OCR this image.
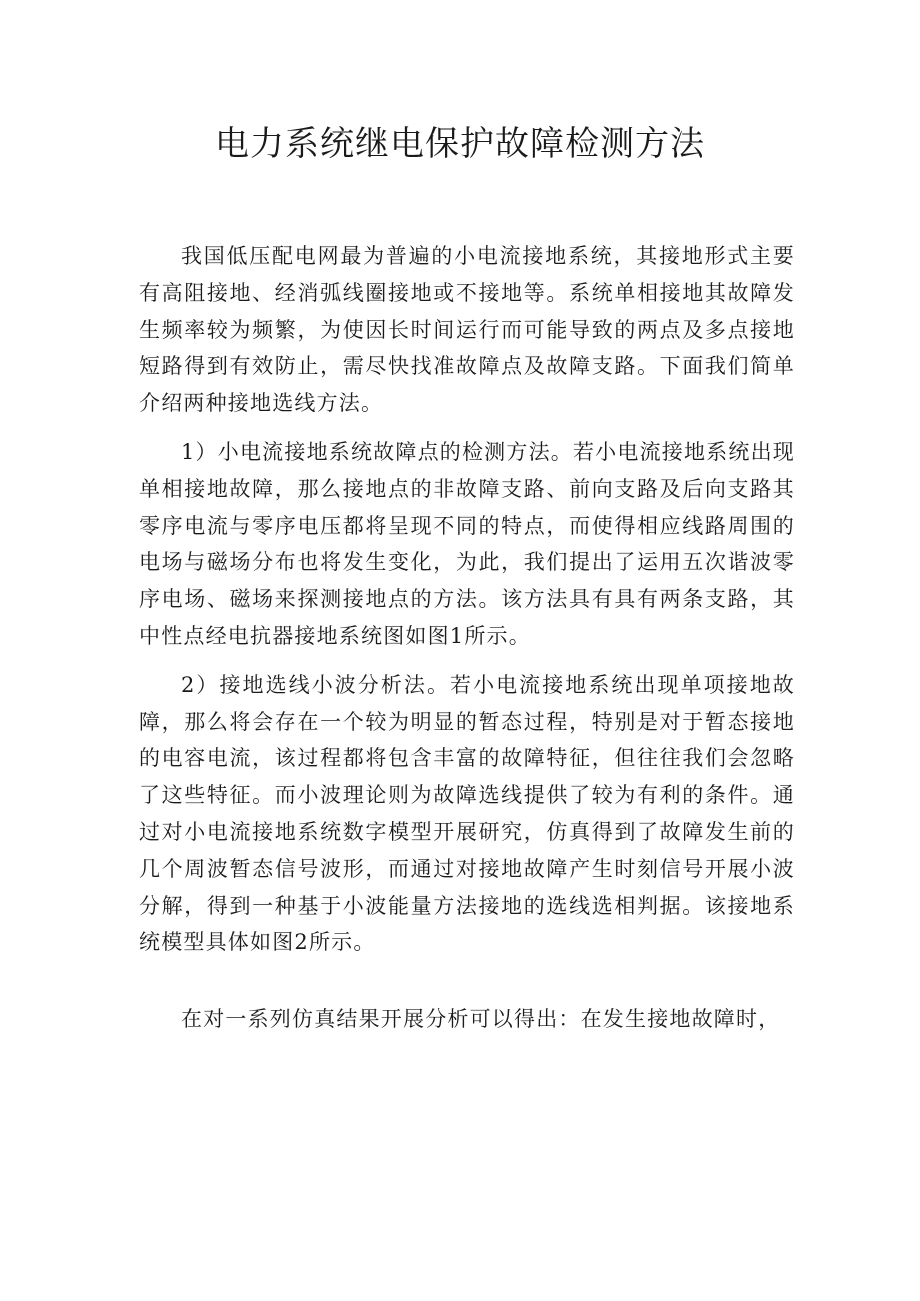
电力系统继电保护故障检测方法

我国低压配电网最为普遍的小电流接地系统，其接地形式主要有高阻接地、经消弧线圈接地或不接地等。系统单相接地其故障发生频率较为频繁，为使因长时间运行而可能导致的两点及多点接地短路得到有效防止，需尽快找准故障点及故障支路。下面我们简单介绍两种接地选线方法。

1）小电流接地系统故障点的检测方法。若小电流接地系统出现单相接地故障，那么接地点的非故障支路、前向支路及后向支路其零序电流与零序电压都将呈现不同的特点，而使得相应线路周围的电场与磁场分布也将发生变化，为此，我们提出了运用五次谐波零序电场、磁场来探测接地点的方法。该方法具有具有两条支路，其中性点经电抗器接地系统图如图1所示。

2）接地选线小波分析法。若小电流接地系统出现单项接地故障，那么将会存在一个较为明显的暂态过程，特别是对于暂态接地的电容电流，该过程都将包含丰富的故障特征，但往往我们会忽略了这些特征。而小波理论则为故障选线提供了较为有利的条件。通过对小电流接地系统数字模型开展研究，仿真得到了故障发生前的几个周波暂态信号波形，而通过对接地故障产生时刻信号开展小波分解，得到一种基于小波能量方法接地的选线选相判据。该接地系统模型具体如图2所示。

在对一系列仿真结果开展分析可以得出：在发生接地故障时，
